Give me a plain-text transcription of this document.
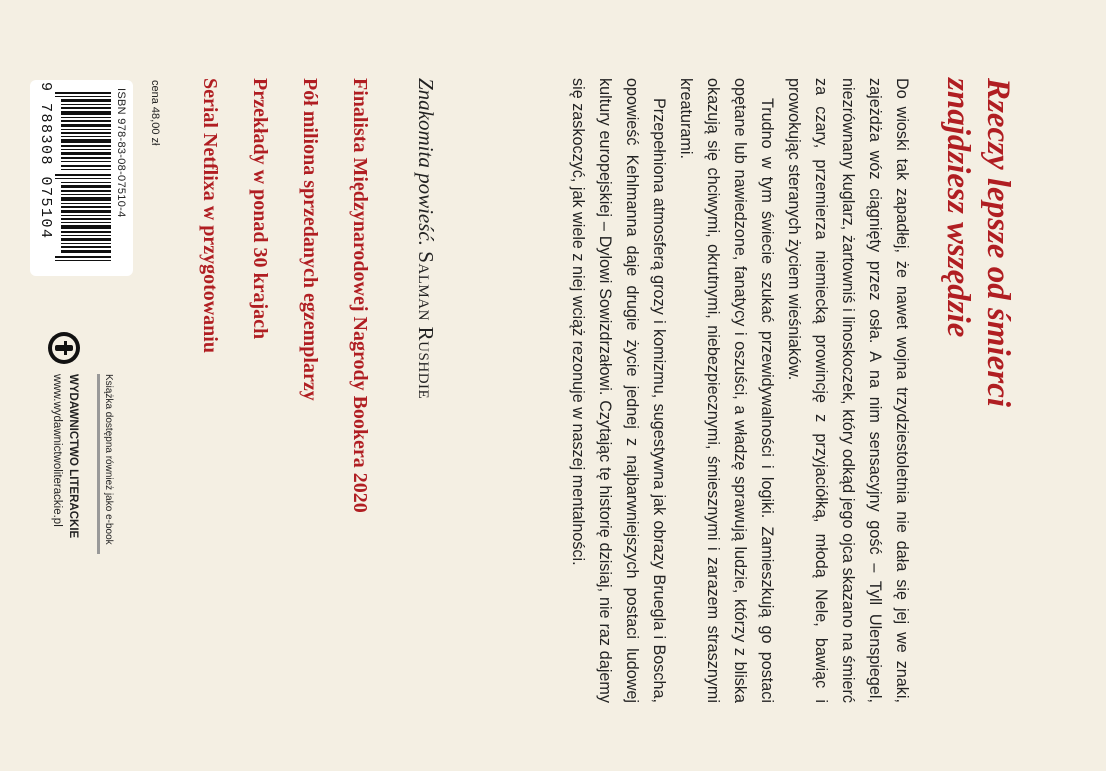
Rzeczy lepsze od śmierci
znajdziesz wszędzie

Do wioski tak zapadłej, że nawet wojna trzydziestoletnia nie dała się jej we znaki, zajeżdża wóz ciągnięty przez osła. A na nim sensacyjny gość – Tyll Ulenspiegel, niezrównany kuglarz, żartowniś i linoskoczek, który odkąd jego ojca skazano na śmierć za czary, przemierza niemiecką prowincję z przyjaciółką, młodą Nele, bawiąc i prowokując steranych życiem wieśniaków.

Trudno w tym świecie szukać przewidywalności i logiki. Zamieszkują go postaci opętane lub nawiedzone, fanatycy i oszuści, a władzę sprawują ludzie, którzy z bliska okazują się chciwymi, okrutnymi, niebezpiecznymi, śmiesznymi i zarazem strasznymi kreaturami.

Przepełniona atmosferą grozy i komizmu, sugestywna jak obrazy Bruegla i Boscha, opowieść Kehlmanna daje drugie życie jednej z najbarwniejszych postaci ludowej kultury europejskiej – Dylowi Sowizdrzałowi. Czytając tę historię dzisiaj, nie raz dajemy się zaskoczyć, jak wiele z niej wciąż rezonuje w naszej mentalności.

Znakomita powieść. Salman Rushdie
Finalista Międzynarodowej Nagrody Bookera 2020
Pół miliona sprzedanych egzemplarzy
Przekłady w ponad 30 krajach
Serial Netflixa w przygotowaniu
cena 48,00 zł
ISBN 978-83-08-07510-4
9 788308 075104
Książka dostępna również jako e-book
WYDAWNICTWO LITERACKIE
www.wydawnictwoliterackie.pl
